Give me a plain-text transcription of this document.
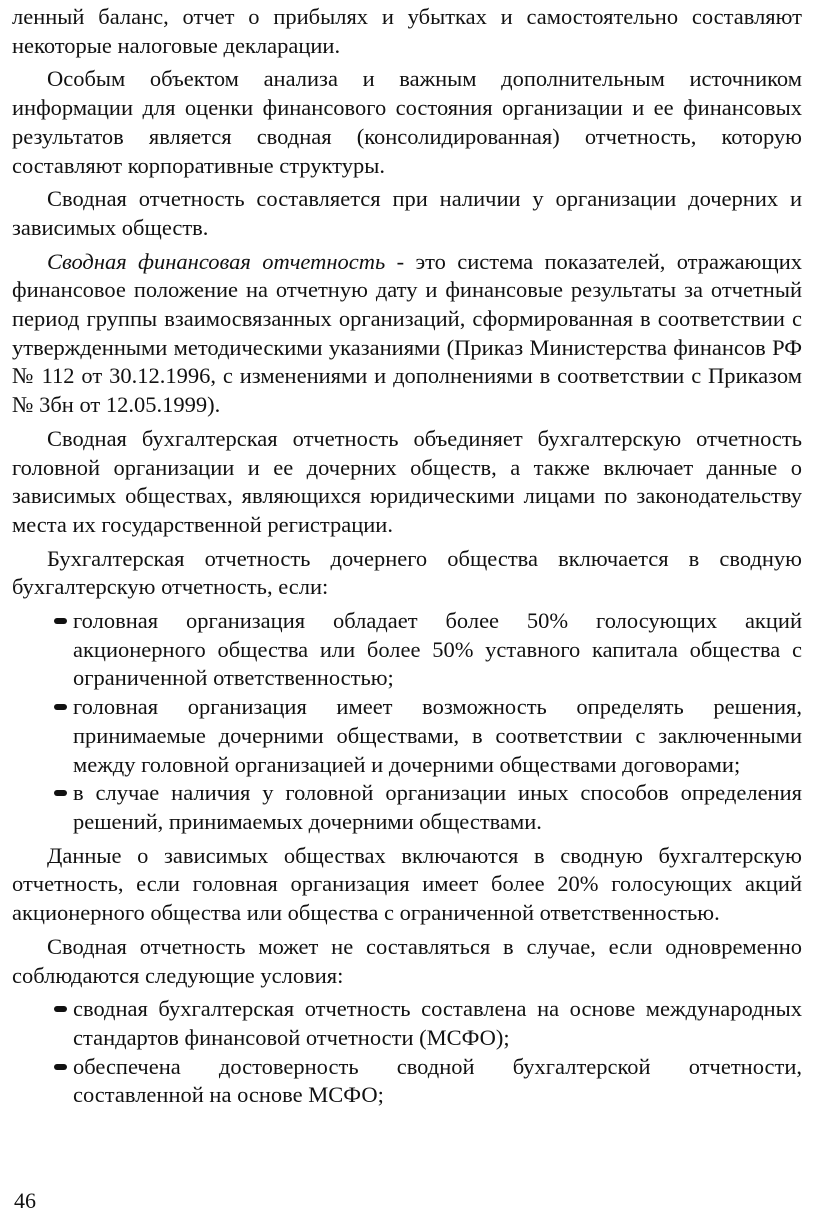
ленный баланс, отчет о прибылях и убытках и самостоятельно составляют некоторые налоговые декларации.

Особым объектом анализа и важным дополнительным источником информации для оценки финансового состояния организации и ее финансовых результатов является сводная (консолидированная) отчетность, которую составляют корпоративные структуры.

Сводная отчетность составляется при наличии у организации дочерних и зависимых обществ.

Сводная финансовая отчетность - это система показателей, отражающих финансовое положение на отчетную дату и финансовые результаты за отчетный период группы взаимосвязанных организаций, сформированная в соответствии с утвержденными методическими указаниями (Приказ Министерства финансов РФ № 112 от 30.12.1996, с изменениями и дополнениями в соответствии с Приказом № 3бн от 12.05.1999).

Сводная бухгалтерская отчетность объединяет бухгалтерскую отчетность головной организации и ее дочерних обществ, а также включает данные о зависимых обществах, являющихся юридическими лицами по законодательству места их государственной регистрации.

Бухгалтерская отчетность дочернего общества включается в сводную бухгалтерскую отчетность, если:

головная организация обладает более 50% голосующих акций акционерного общества или более 50% уставного капитала общества с ограниченной ответственностью;
головная организация имеет возможность определять решения, принимаемые дочерними обществами, в соответствии с заключенными между головной организацией и дочерними обществами договорами;
в случае наличия у головной организации иных способов определения решений, принимаемых дочерними обществами.

Данные о зависимых обществах включаются в сводную бухгалтерскую отчетность, если головная организация имеет более 20% голосующих акций акционерного общества или общества с ограниченной ответственностью.

Сводная отчетность может не составляться в случае, если одновременно соблюдаются следующие условия:

сводная бухгалтерская отчетность составлена на основе международных стандартов финансовой отчетности (МСФО);
обеспечена достоверность сводной бухгалтерской отчетности, составленной на основе МСФО;
46
